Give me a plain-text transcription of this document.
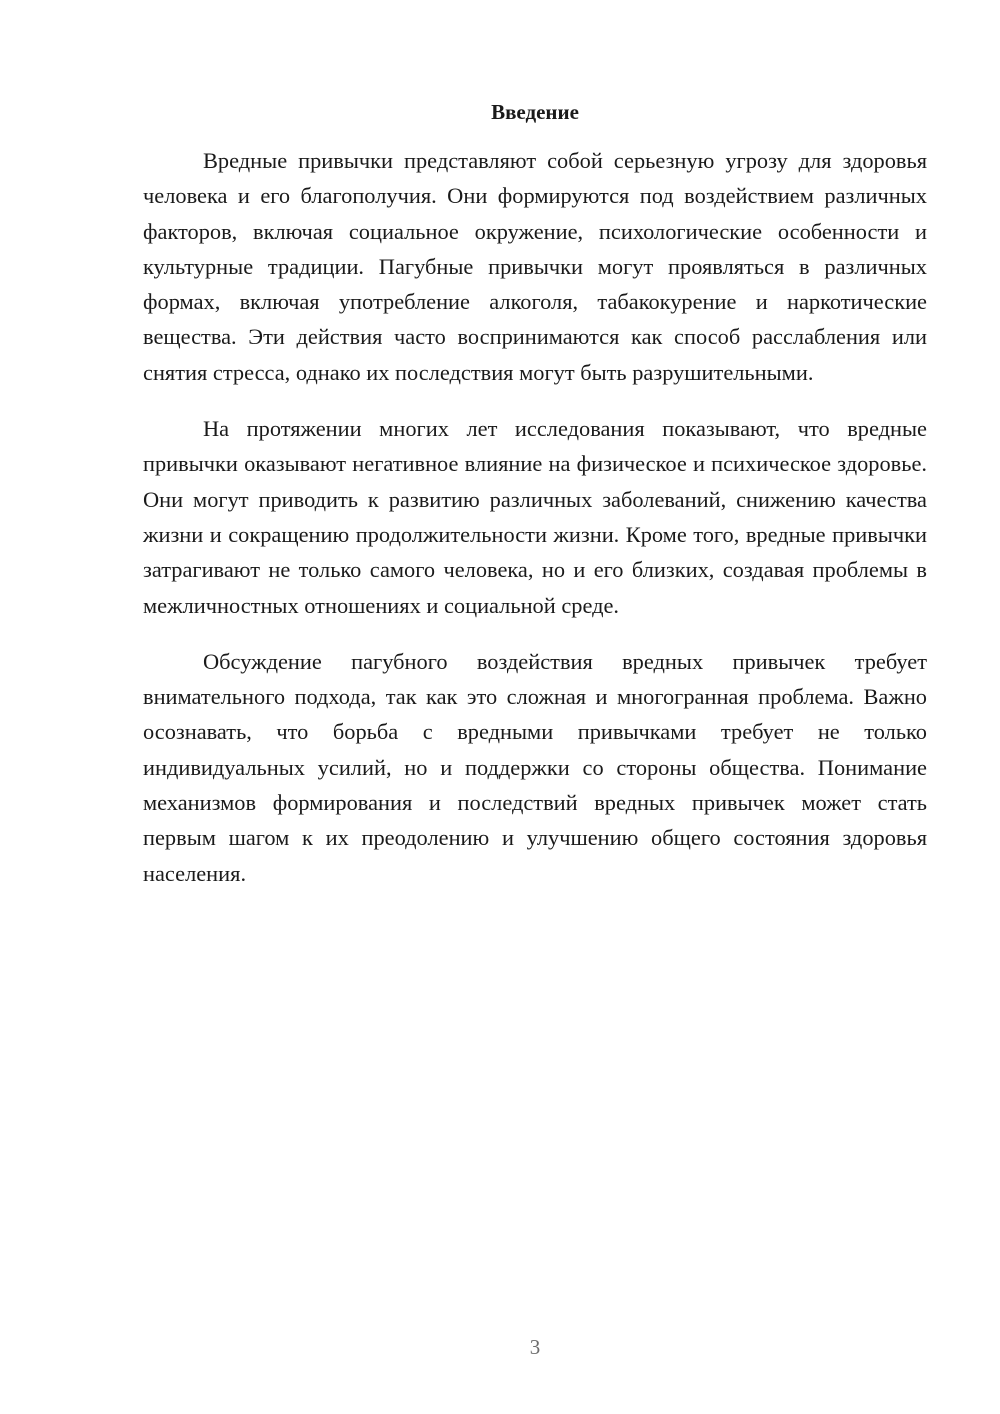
Введение

Вредные привычки представляют собой серьезную угрозу для здоровья человека и его благополучия. Они формируются под воздействием различных факторов, включая социальное окружение, психологические особенности и культурные традиции. Пагубные привычки могут проявляться в различных формах, включая употребление алкоголя, табакокурение и наркотические вещества. Эти действия часто воспринимаются как способ расслабления или снятия стресса, однако их последствия могут быть разрушительными.

На протяжении многих лет исследования показывают, что вредные привычки оказывают негативное влияние на физическое и психическое здоровье. Они могут приводить к развитию различных заболеваний, снижению качества жизни и сокращению продолжительности жизни. Кроме того, вредные привычки затрагивают не только самого человека, но и его близких, создавая проблемы в межличностных отношениях и социальной среде.

Обсуждение пагубного воздействия вредных привычек требует внимательного подхода, так как это сложная и многогранная проблема. Важно осознавать, что борьба с вредными привычками требует не только индивидуальных усилий, но и поддержки со стороны общества. Понимание механизмов формирования и последствий вредных привычек может стать первым шагом к их преодолению и улучшению общего состояния здоровья населения.

3
